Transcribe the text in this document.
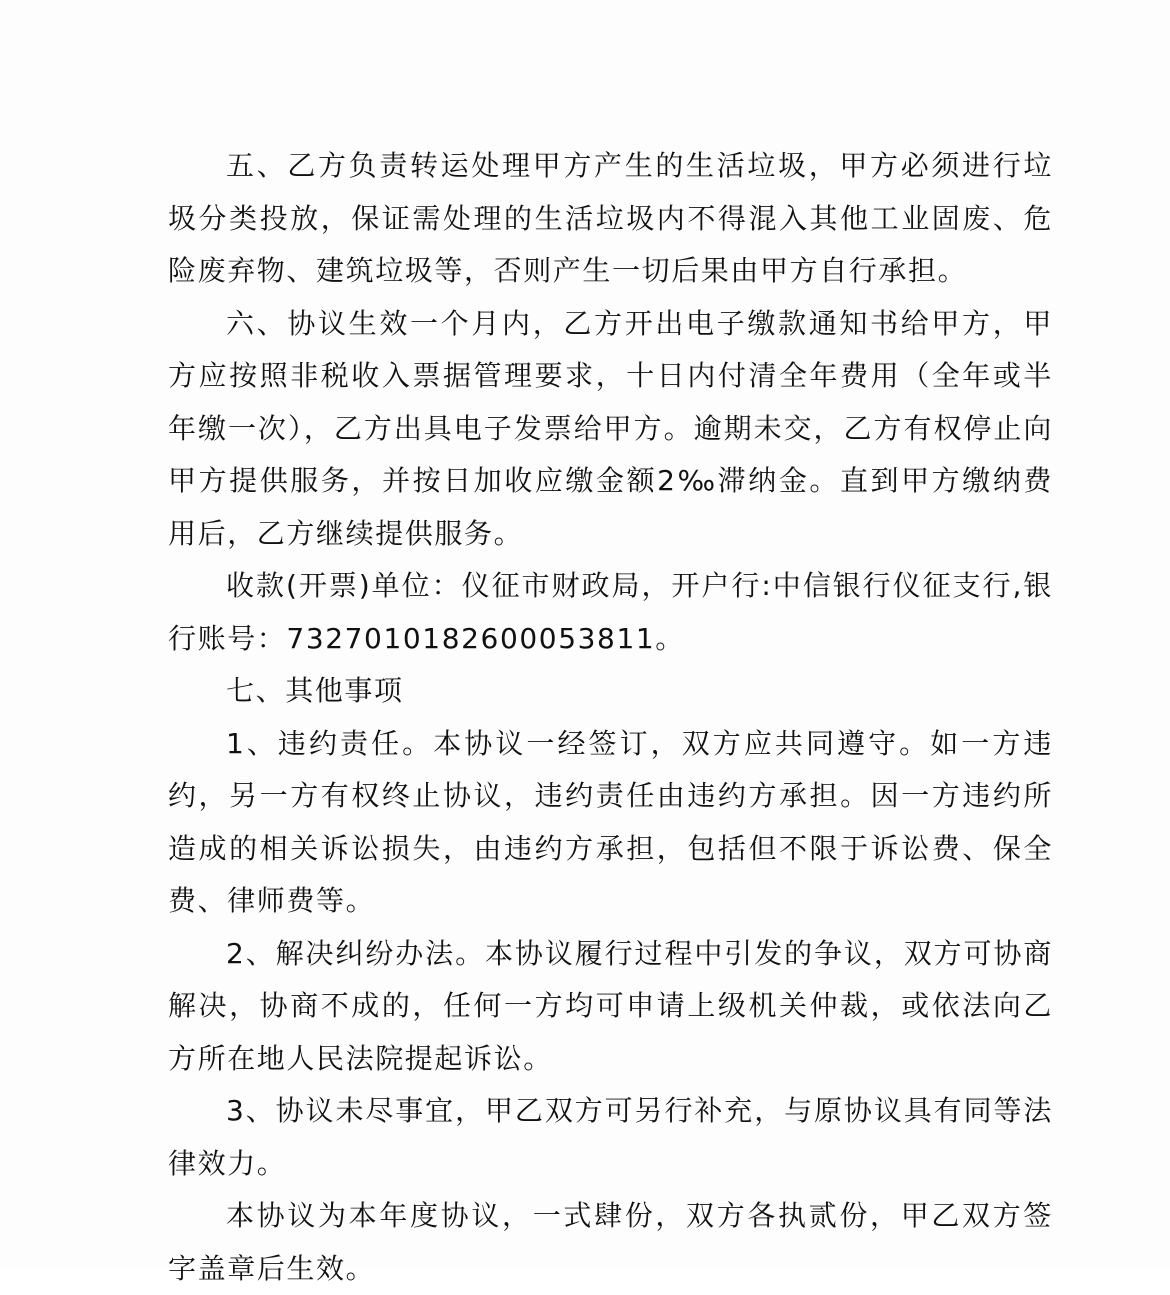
五、乙方负责转运处理甲方产生的生活垃圾，甲方必须进行垃圾分类投放，保证需处理的生活垃圾内不得混入其他工业固废、危险废弃物、建筑垃圾等，否则产生一切后果由甲方自行承担。

六、协议生效一个月内，乙方开出电子缴款通知书给甲方，甲方应按照非税收入票据管理要求，十日内付清全年费用（全年或半年缴一次），乙方出具电子发票给甲方。逾期未交，乙方有权停止向甲方提供服务，并按日加收应缴金额2‰滞纳金。直到甲方缴纳费用后，乙方继续提供服务。

收款(开票)单位：仪征市财政局，开户行:中信银行仪征支行,银行账号：7327010182600053811。

七、其他事项

1、违约责任。本协议一经签订，双方应共同遵守。如一方违约，另一方有权终止协议，违约责任由违约方承担。因一方违约所造成的相关诉讼损失，由违约方承担，包括但不限于诉讼费、保全费、律师费等。

2、解决纠纷办法。本协议履行过程中引发的争议，双方可协商解决，协商不成的，任何一方均可申请上级机关仲裁，或依法向乙方所在地人民法院提起诉讼。

3、协议未尽事宜，甲乙双方可另行补充，与原协议具有同等法律效力。

本协议为本年度协议，一式肆份，双方各执贰份，甲乙双方签字盖章后生效。
